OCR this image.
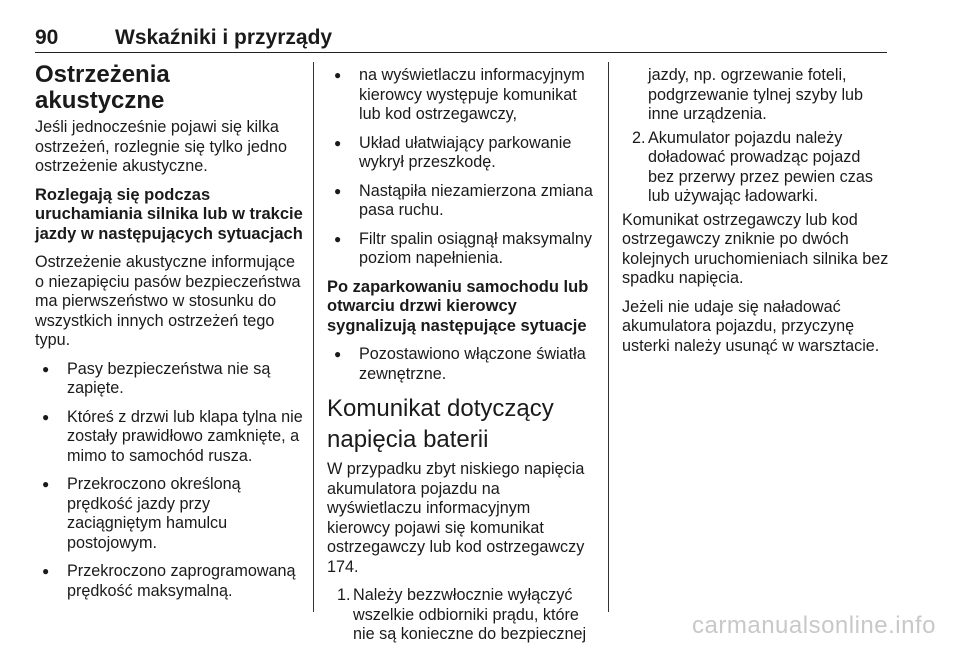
90	Wskaźniki i przyrządy
Ostrzeżenia akustyczne

Jeśli jednocześnie pojawi się kilka ostrzeżeń, rozlegnie się tylko jedno ostrzeżenie akustyczne.

Rozlegają się podczas uruchamiania silnika lub w trakcie jazdy w następujących sytuacjach

Ostrzeżenie akustyczne informujące o niezapięciu pasów bezpieczeństwa ma pierwszeństwo w stosunku do wszystkich innych ostrzeżeń tego typu.

● Pasy bezpieczeństwa nie są zapięte.
● Któreś z drzwi lub klapa tylna nie zostały prawidłowo zamknięte, a mimo to samochód rusza.
● Przekroczono określoną prędkość jazdy przy zaciągniętym hamulcu postojowym.
● Przekroczono zaprogramowaną prędkość maksymalną.
● na wyświetlaczu informacyjnym kierowcy występuje komunikat lub kod ostrzegawczy,
● Układ ułatwiający parkowanie wykrył przeszkodę.
● Nastąpiła niezamierzona zmiana pasa ruchu.
● Filtr spalin osiągnął maksymalny poziom napełnienia.
Po zaparkowaniu samochodu lub otwarciu drzwi kierowcy sygnalizują następujące sytuacje
● Pozostawiono włączone światła zewnętrzne.
Komunikat dotyczący napięcia baterii

W przypadku zbyt niskiego napięcia akumulatora pojazdu na wyświetlaczu informacyjnym kierowcy pojawi się komunikat ostrzegawczy lub kod ostrzegawczy 174.

1. Należy bezzwłocznie wyłączyć wszelkie odbiorniki prądu, które nie są konieczne do bezpiecznej
jazdy, np. ogrzewanie foteli, podgrzewanie tylnej szyby lub inne urządzenia.
2. Akumulator pojazdu należy doładować prowadząc pojazd bez przerwy przez pewien czas lub używając ładowarki.

Komunikat ostrzegawczy lub kod ostrzegawczy zniknie po dwóch kolejnych uruchomieniach silnika bez spadku napięcia.

Jeżeli nie udaje się naładować akumulatora pojazdu, przyczynę usterki należy usunąć w warsztacie.

carmanualsonline.info
